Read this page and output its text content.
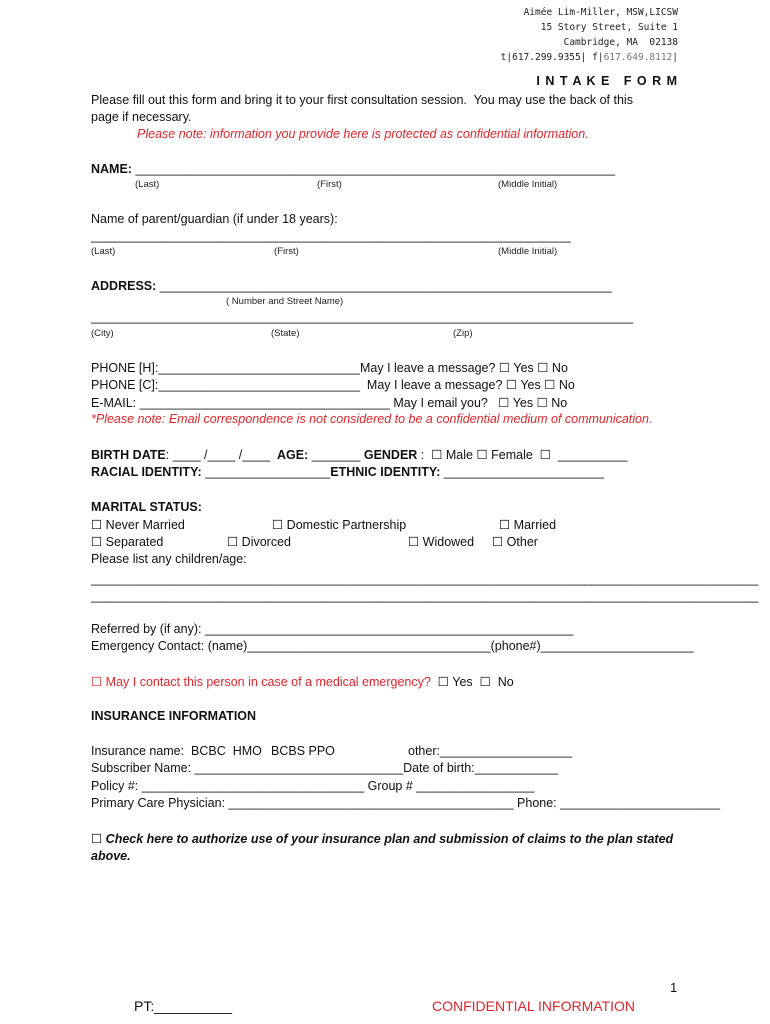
Aimée Lim-Miller, MSW,LICSW
15 Story Street, Suite 1
Cambridge, MA  02138
t|617.299.9355| f|617.649.8112|
I N T A K E   F O R M
Please fill out this form and bring it to your first consultation session.  You may use the back of this
page if necessary.
Please note: information you provide here is protected as confidential information.
NAME: _____________________________________________________________________
(Last)	(First)	(Middle Initial)
Name of parent/guardian (if under 18 years):
_____________________________________________________________________
(Last)	(First)	(Middle Initial)
ADDRESS: _________________________________________________________________
( Number and Street Name)
______________________________________________________________________________
(City)	(State)	(Zip)
PHONE [H]:_____________________________May I leave a message? ☐ Yes ☐ No
PHONE [C]:_____________________________  May I leave a message? ☐ Yes ☐ No
E-MAIL: ____________________________________ May I email you?   ☐ Yes ☐ No
*Please note: Email correspondence is not considered to be a confidential medium of communication.
BIRTH DATE: ____ /____ /____  AGE: _______ GENDER :  ☐ Male ☐ Female  ☐  __________
RACIAL IDENTITY: __________________ETHNIC IDENTITY: _______________________
MARITAL STATUS:
☐ Never Married	☐ Domestic Partnership	☐ Married
☐ Separated	☐ Divorced	☐ Widowed ☐ Other
Please list any children/age:
________________________________________________________________________________________________
________________________________________________________________________________________________
Referred by (if any): _____________________________________________________
Emergency Contact: (name)___________________________________(phone#)______________________
☐ May I contact this person in case of a medical emergency? ☐ Yes  ☐  No
INSURANCE INFORMATION
Insurance name:  BCBC  HMO BCBS PPO	other:___________________
Subscriber Name: ______________________________Date of birth:____________
Policy #: ________________________________ Group # _________________
Primary Care Physician: _________________________________________ Phone: _______________________
☐ Check here to authorize use of your insurance plan and submission of claims to the plan stated
above.
1
PT:__________	CONFIDENTIAL INFORMATION
